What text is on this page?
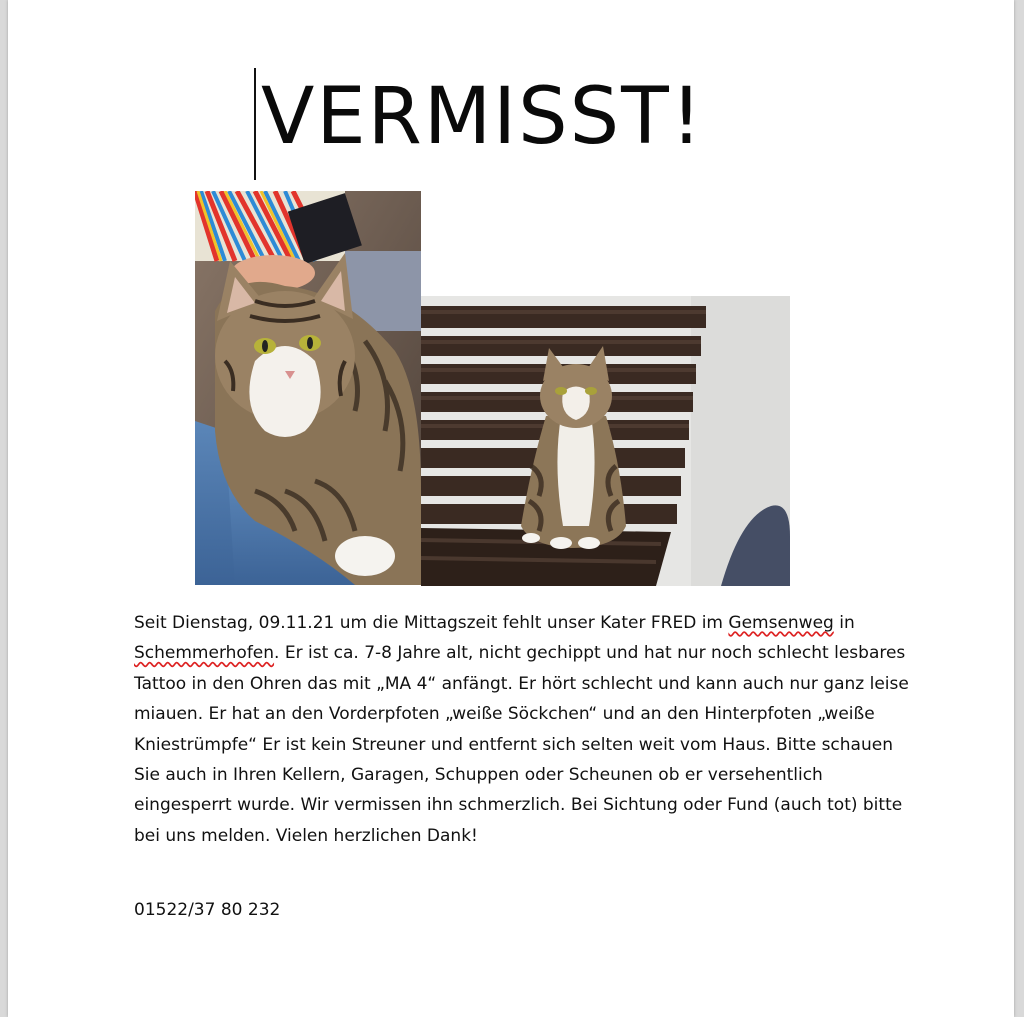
VERMISST!

Seit Dienstag, 09.11.21 um die Mittagszeit fehlt unser Kater FRED im Gemsenweg in Schemmerhofen. Er ist ca. 7-8 Jahre alt, nicht gechippt und hat nur noch schlecht lesbares Tattoo in den Ohren das mit „MA 4“ anfängt. Er hört schlecht und kann auch nur ganz leise miauen. Er hat an den Vorderpfoten „weiße Söckchen“ und an den Hinterpfoten „weiße Kniestrümpfe“ Er ist kein Streuner und entfernt sich selten weit vom Haus. Bitte schauen Sie auch in Ihren Kellern, Garagen, Schuppen oder Scheunen ob er versehentlich eingesperrt wurde. Wir vermissen ihn schmerzlich. Bei Sichtung oder Fund (auch tot) bitte bei uns melden. Vielen herzlichen Dank!

01522/37 80 232
